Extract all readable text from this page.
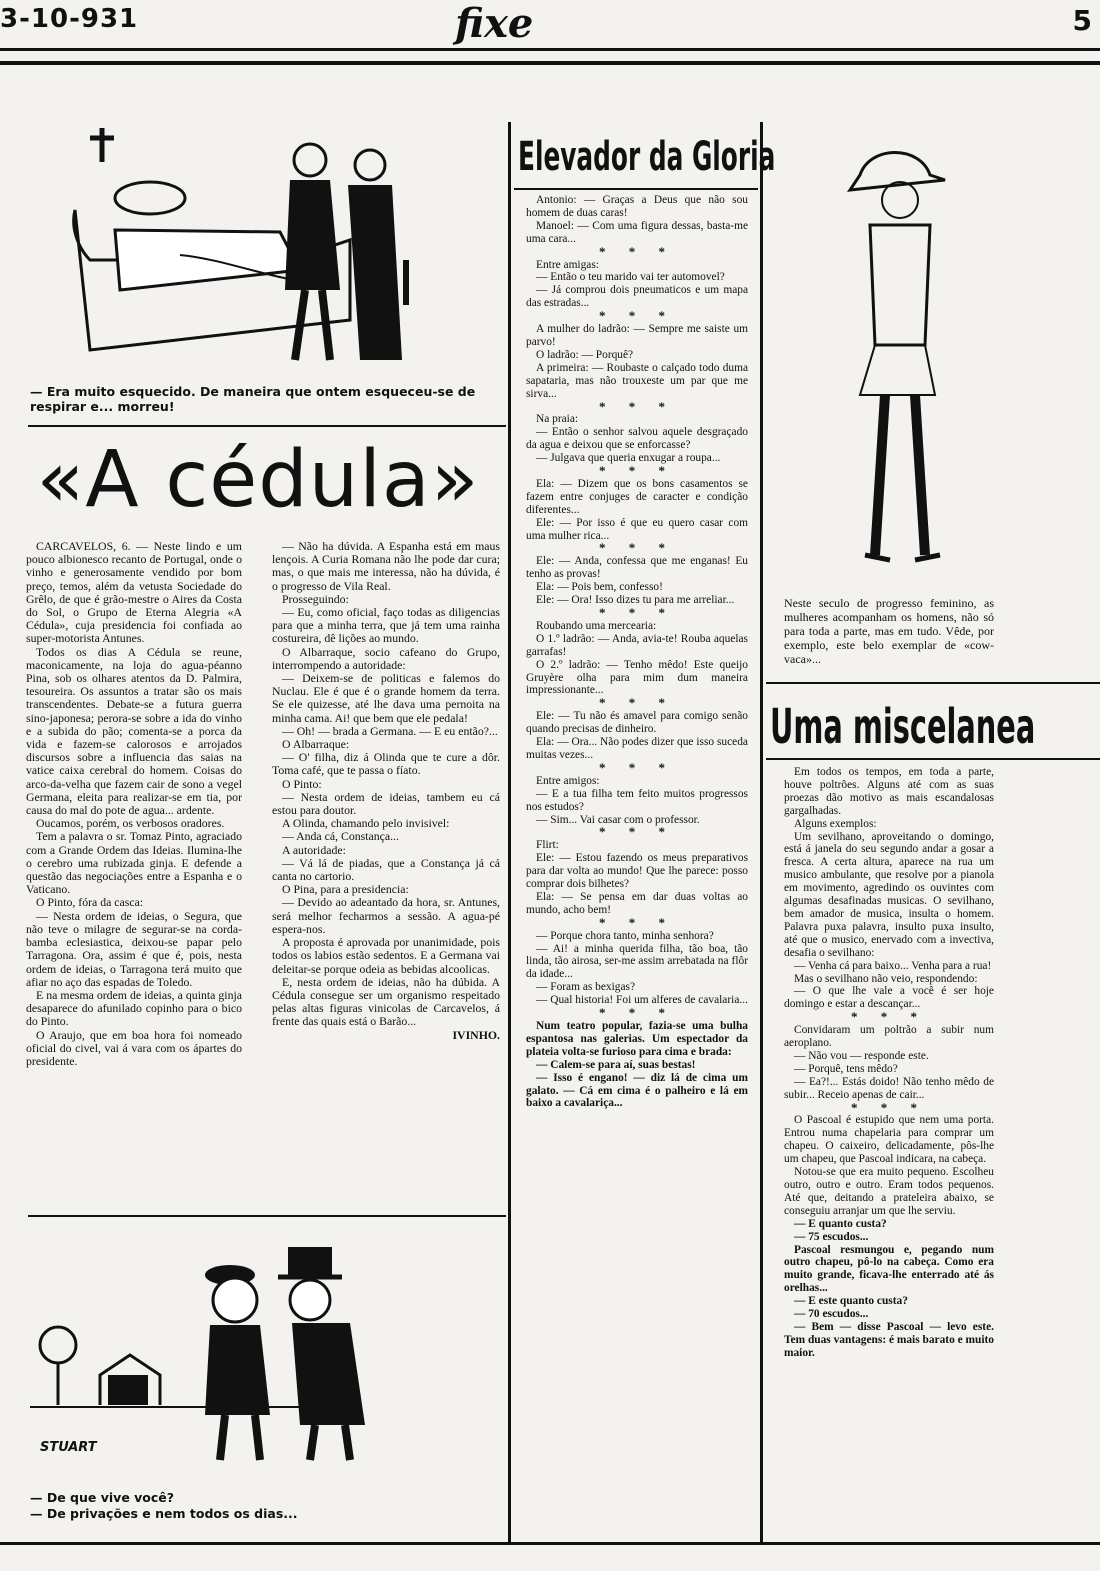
3-10-931	fixe	5
— Era muito esquecido. De maneira que ontem esqueceu-se de respirar e... morreu!
«A cédula»

CARCAVELOS, 6. — Neste lindo e um pouco albionesco recanto de Portugal, onde o vinho e generosamente vendido por bom preço, temos, além da vetusta Sociedade do Grêlo, de que é grão-mestre o Aires da Costa do Sol, o Grupo de Eterna Alegria «A Cédula», cuja presidencia foi confiada ao super-motorista Antunes.

Todos os dias A Cédula se reune, maconicamente, na loja do agua-péanno Pina, sob os olhares atentos da D. Palmira, tesoureira. Os assuntos a tratar são os mais transcendentes. Debate-se a futura guerra sino-japonesa; perora-se sobre a ida do vinho e a subida do pão; comenta-se a porca da vida e fazem-se calorosos e arrojados discursos sobre a influencia das saias na vatice caixa cerebral do homem. Coisas do arco-da-velha que fazem cair de sono a vegel Germana, eleita para realizar-se em tia, por causa do mal do pote de agua... ardente.

Oucamos, porém, os verbosos oradores.

Tem a palavra o sr. Tomaz Pinto, agraciado com a Grande Ordem das Ideias. Ilumina-lhe o cerebro uma rubizada ginja. E defende a questão das negociações entre a Espanha e o Vaticano.

O Pinto, fóra da casca:

— Nesta ordem de ideias, o Segura, que não teve o milagre de segurar-se na corda-bamba eclesiastica, deixou-se papar pelo Tarragona. Ora, assim é que é, pois, nesta ordem de ideias, o Tarragona terá muito que afiar no aço das espadas de Toledo.

E na mesma ordem de ideias, a quinta ginja desaparece do afunilado copinho para o bico do Pinto.

O Araujo, que em boa hora foi nomeado oficial do civel, vai á vara com os ápartes do presidente.

— Não ha dúvida. A Espanha está em maus lençois. A Curia Romana não lhe pode dar cura; mas, o que mais me interessa, não ha dúvida, é o progresso de Vila Real.

Prosseguindo:

— Eu, como oficial, faço todas as diligencias para que a minha terra, que já tem uma rainha costureira, dê lições ao mundo.

O Albarraque, socio cafeano do Grupo, interrompendo a autoridade:

— Deixem-se de politicas e falemos do Nuclau. Ele é que é o grande homem da terra. Se ele quizesse, até lhe dava uma pernoita na minha cama. Ai! que bem que ele pedala!

— Oh! — brada a Germana. — E eu então?...

O Albarraque:

— O' filha, diz á Olinda que te cure a dôr. Toma café, que te passa o fíato.

O Pinto:

— Nesta ordem de ideias, tambem eu cá estou para doutor.

A Olinda, chamando pelo invisivel:

— Anda cá, Constança...

A autoridade:

— Vá lá de piadas, que a Constança já cá canta no cartorio.

O Pina, para a presidencia:

— Devido ao adeantado da hora, sr. Antunes, será melhor fecharmos a sessão. A agua-pé espera-nos.

A proposta é aprovada por unanimidade, pois todos os labios estão sedentos. E a Germana vai deleitar-se porque odeia as bebidas alcoolicas.

E, nesta ordem de ideias, não ha dúbida. A Cédula consegue ser um organismo respeitado pelas altas figuras vinicolas de Carcavelos, á frente das quais está o Barão...

IVINHO.

STUART
— De que vive você?
— De privações e nem todos os dias...
Elevador da Gloria

Antonio: — Graças a Deus que não sou homem de duas caras!

Manoel: — Com uma figura dessas, basta-me uma cara...

* * *

Entre amigas:

— Então o teu marido vai ter automovel?

— Já comprou dois pneumaticos e um mapa das estradas...

* * *

A mulher do ladrão: — Sempre me saiste um parvo!

O ladrão: — Porquê?

A primeira: — Roubaste o calçado todo duma sapataria, mas não trouxeste um par que me sirva...

* * *

Na praia:

— Então o senhor salvou aquele desgraçado da agua e deixou que se enforcasse?

— Julgava que queria enxugar a roupa...

* * *

Ela: — Dizem que os bons casamentos se fazem entre conjuges de caracter e condição diferentes...

Ele: — Por isso é que eu quero casar com uma mulher rica...

* * *

Ele: — Anda, confessa que me enganas! Eu tenho as provas!

Ela: — Pois bem, confesso!

Ele: — Ora! Isso dizes tu para me arreliar...

* * *

Roubando uma mercearia:

O 1.º ladrão: — Anda, avia-te! Rouba aquelas garrafas!

O 2.º ladrão: — Tenho mêdo! Este queijo Gruyère olha para mim dum maneira impressionante...

* * *

Ele: — Tu não és amavel para comigo senão quando precisas de dinheiro.

Ela: — Ora... Não podes dizer que isso suceda muitas vezes...

* * *

Entre amigos:

— E a tua filha tem feito muitos progressos nos estudos?

— Sim... Vai casar com o professor.

* * *

Flirt:

Ele: — Estou fazendo os meus preparativos para dar volta ao mundo! Que lhe parece: posso comprar dois bilhetes?

Ela: — Se pensa em dar duas voltas ao mundo, acho bem!

* * *

— Porque chora tanto, minha senhora?

— Ai! a minha querida filha, tão boa, tão linda, tão airosa, ser-me assim arrebatada na flôr da idade...

— Foram as bexigas?

— Qual historia! Foi um alferes de cavalaria...

* * *

Num teatro popular, fazia-se uma bulha espantosa nas galerias. Um espectador da plateia volta-se furioso para cima e brada:

— Calem-se para aí, suas bestas!

— Isso é engano! — diz lá de cima um galato. — Cá em cima é o palheiro e lá em baixo a cavalariça...

Neste seculo de progresso feminino, as mulheres acompanham os homens, não só para toda a parte, mas em tudo. Vêde, por exemplo, este belo exemplar de «cow-vaca»...
Uma miscelanea

Em todos os tempos, em toda a parte, houve poltrões. Alguns até com as suas proezas dão motivo as mais escandalosas gargalhadas.

Alguns exemplos:

Um sevilhano, aproveitando o domingo, está á janela do seu segundo andar a gosar a fresca. A certa altura, aparece na rua um musico ambulante, que resolve por a pianola em movimento, agredindo os ouvintes com algumas desafinadas musicas. O sevilhano, bem amador de musica, insulta o homem. Palavra puxa palavra, insulto puxa insulto, até que o musico, enervado com a invectiva, desafia o sevilhano:

— Venha cá para baixo... Venha para a rua!

Mas o sevilhano não veio, respondendo:

— O que lhe vale a você é ser hoje domingo e estar a descançar...

* * *

Convidaram um poltrão a subir num aeroplano.

— Não vou — responde este.

— Porquê, tens mêdo?

— Ea?!... Estás doido! Não tenho mêdo de subir... Receio apenas de cair...

* * *

O Pascoal é estupido que nem uma porta. Entrou numa chapelaria para comprar um chapeu. O caixeiro, delicadamente, pôs-lhe um chapeu, que Pascoal indicara, na cabeça.

Notou-se que era muito pequeno. Escolheu outro, outro e outro. Eram todos pequenos. Até que, deitando a prateleira abaixo, se conseguiu arranjar um que lhe serviu.

— E quanto custa?

— 75 escudos...

Pascoal resmungou e, pegando num outro chapeu, pô-lo na cabeça. Como era muito grande, ficava-lhe enterrado até ás orelhas...

— E este quanto custa?

— 70 escudos...

— Bem — disse Pascoal — levo este. Tem duas vantagens: é mais barato e muito maior.
